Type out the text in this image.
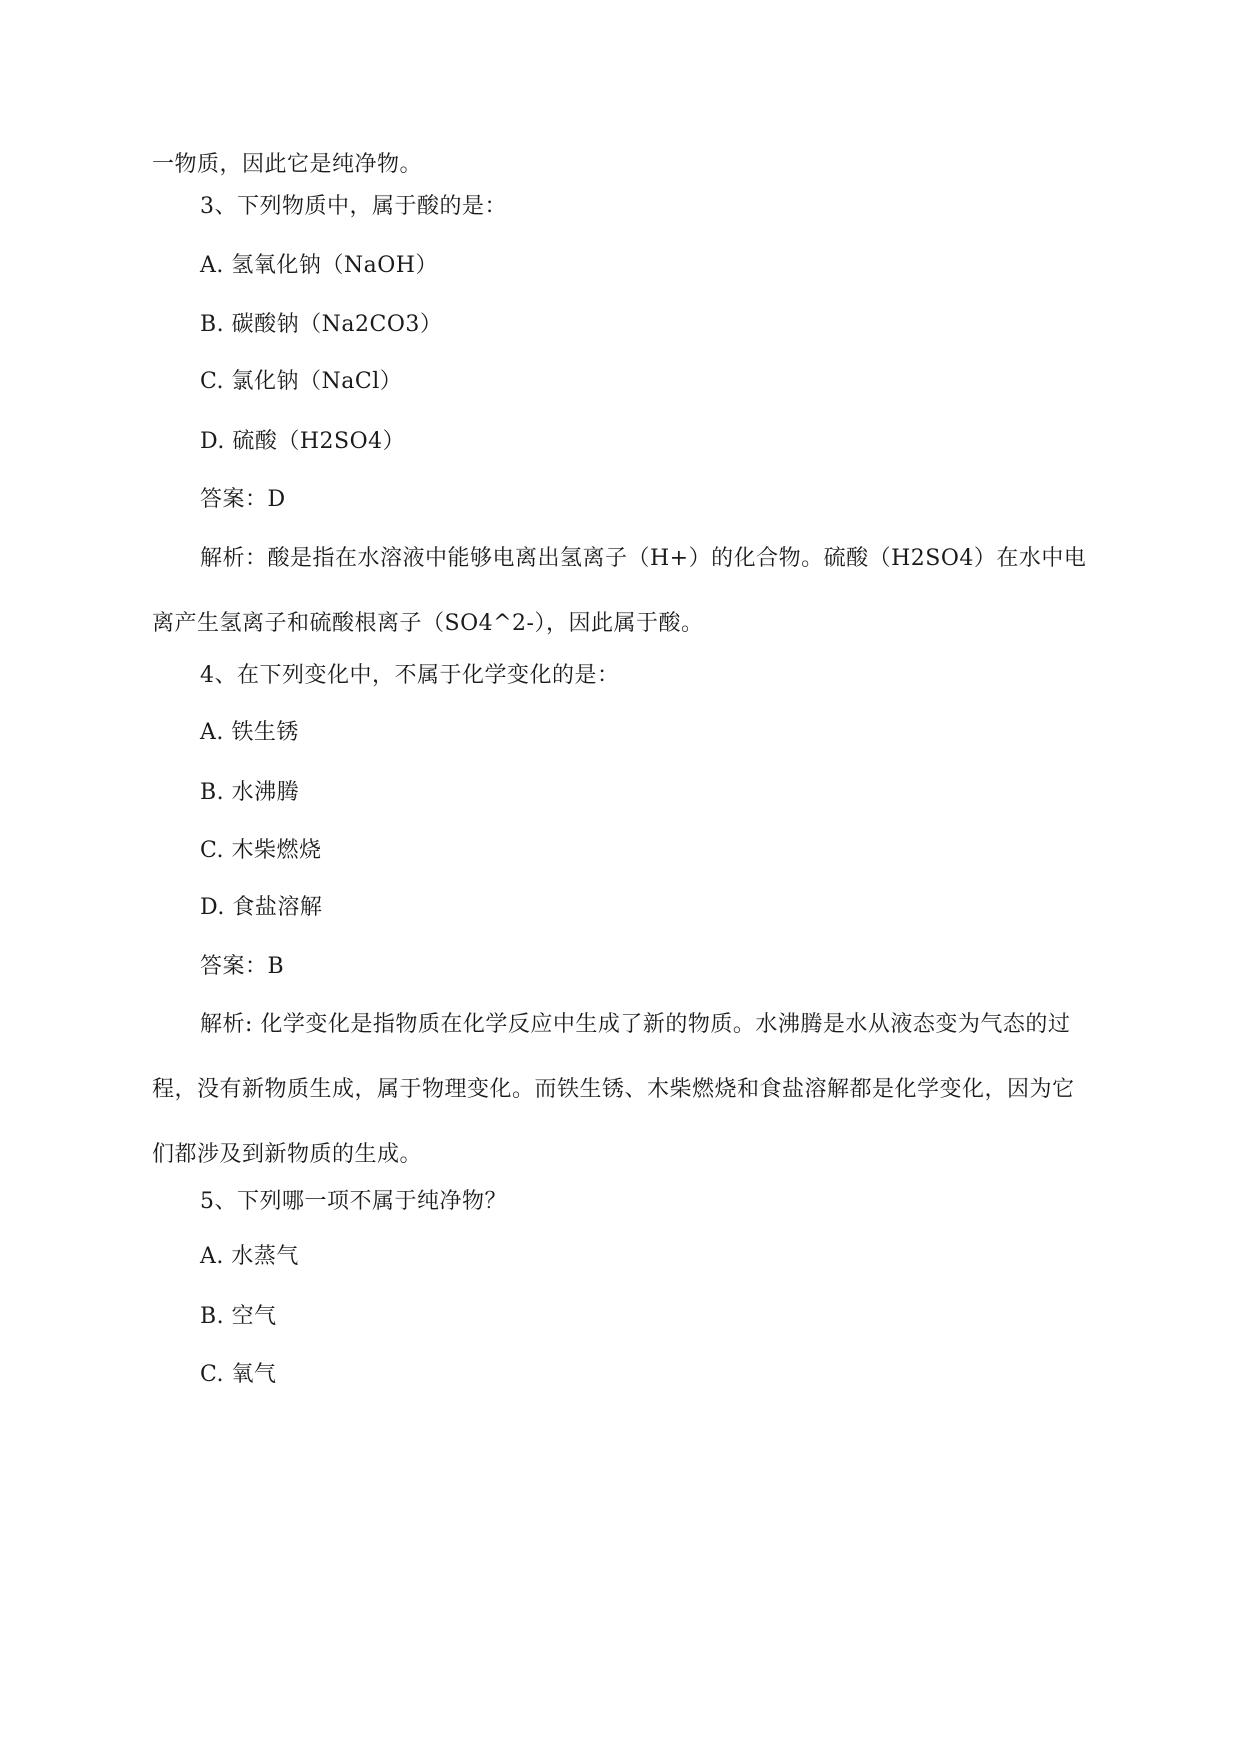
一物质，因此它是纯净物。
3、下列物质中，属于酸的是：
A. 氢氧化钠（NaOH）
B. 碳酸钠（Na2CO3）
C. 氯化钠（NaCl）
D. 硫酸（H2SO4）
答案：D
解析：酸是指在水溶液中能够电离出氢离子（H+）的化合物。硫酸（H2SO4）在水中电离产生氢离子和硫酸根离子（SO4^2-），因此属于酸。
4、在下列变化中，不属于化学变化的是：
A. 铁生锈
B. 水沸腾
C. 木柴燃烧
D. 食盐溶解
答案：B
解析: 化学变化是指物质在化学反应中生成了新的物质。水沸腾是水从液态变为气态的过程，没有新物质生成，属于物理变化。而铁生锈、木柴燃烧和食盐溶解都是化学变化，因为它们都涉及到新物质的生成。
5、下列哪一项不属于纯净物？
A. 水蒸气
B. 空气
C. 氧气
